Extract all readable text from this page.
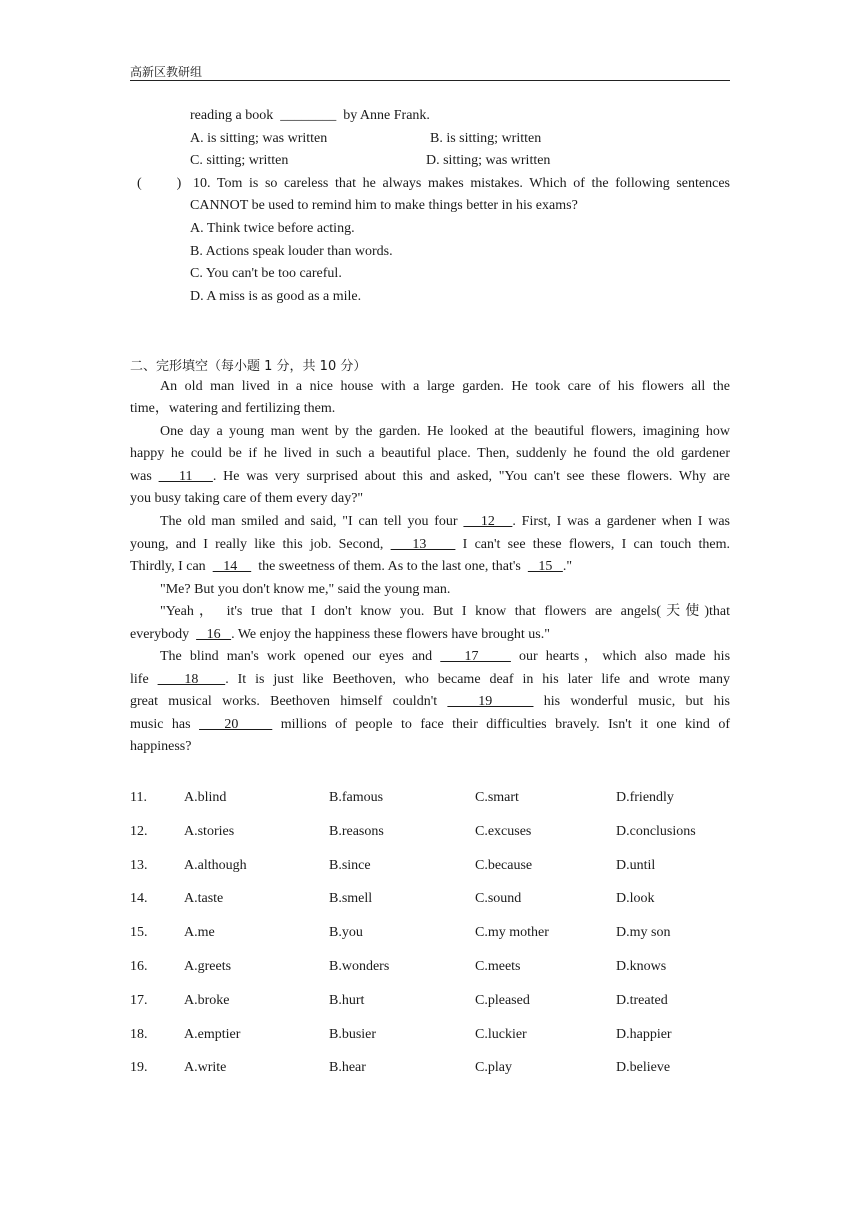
高新区教研组
reading a book ________ by Anne Frank.
A. is sitting; was written	B. is sitting; written
C. sitting; written	D. sitting; was written
(          ) 10. Tom is so careless that he always makes mistakes. Which of the following sentences
CANNOT be used to remind him to make things better in his exams?
A. Think twice before acting.
B. Actions speak louder than words.
C. You can't be too careful.
D. A miss is as good as a mile.
二、完形填空（每小题 1 分，共 10 分）
An old man lived in a nice house with a large garden. He took care of his flowers all the
time，watering and fertilizing them.
One day a young man went by the garden. He looked at the beautiful flowers, imagining how
happy he could be if he lived in such a beautiful place. Then, suddenly he found the old gardener
was    11   . He was very surprised about this and asked, "You can't see these flowers. Why are
you busy taking care of them every day?"
The old man smiled and said, "I can tell you four    12   . First, I was a gardener when I was
young, and I really like this job. Second,    13     I can't see these flowers, I can touch them.
Thirdly, I can     14      the sweetness of them. As to the last one, that's     15   ."
"Me? But you don't know me," said the young man.
"Yeah， it's true that I don't know you. But I know that flowers are angels(天使)that
everybody     16   . We enjoy the happiness these flowers have brought us."
The blind man's work opened our eyes and    17     our hearts，which also made his
life    18   . It is just like Beethoven, who became deaf in his later life and wrote many
great musical works. Beethoven himself couldn't    19     his wonderful music, but his
music has    20     millions of people to face their difficulties bravely. Isn't it one kind of
happiness?
11.	A.blind	B.famous	C.smart	D.friendly
12.	A.stories	B.reasons	C.excuses	D.conclusions
13.	A.although	B.since	C.because	D.until
14.	A.taste	B.smell	C.sound	D.look
15.	A.me	B.you	C.my mother	D.my son
16.	A.greets	B.wonders	C.meets	D.knows
17.	A.broke	B.hurt	C.pleased	D.treated
18.	A.emptier	B.busier	C.luckier	D.happier
19.	A.write	B.hear	C.play	D.believe
